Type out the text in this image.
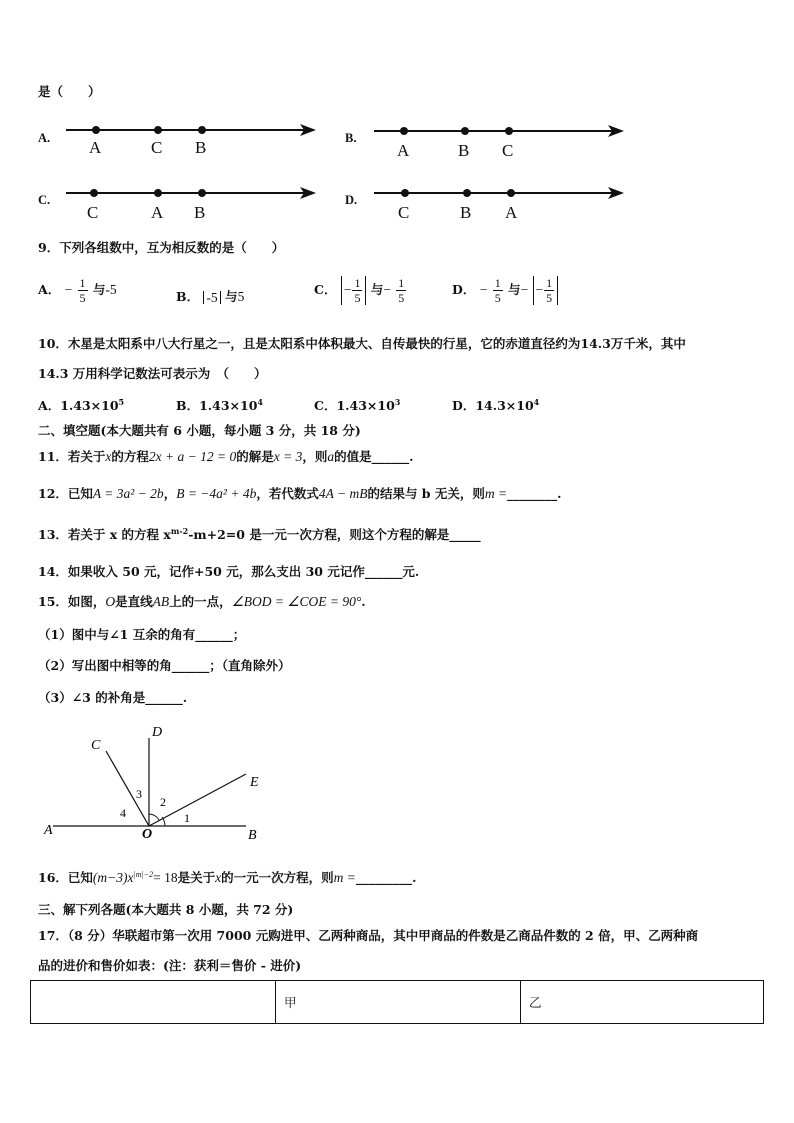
是（　　）
A. A	C B	B.
A	B C
C.
C	A B
D.
C	B A
9．下列各组数中，互为相反数的是（　　）
A． − $\frac{1}{5}$ 与-5	B． -5 与5	C． − $\frac{1}{5}$ 与− $\frac{1}{5}$	D． − $\frac{1}{5}$ 与− − $\frac{1}{5}$
10．木星是太阳系中八大行星之一，且是太阳系中体积最大、自传最快的行星，它的赤道直径约为14.3万千米，其中
14.3 万用科学记数法可表示为　（　　）
A．$1.43\times 10^5$	B．$1.43\times 10^4$	C．$1.43\times 10^3$	D．$14.3\times 10^4$
二、填空题(本大题共有 6 小题，每小题 3 分，共 18 分)
11．若关于x的方程2x + a − 12 = 0的解是x = 3，则a的值是______.
12．已知A = 3a² − 2b，B = −4a² + 4b，若代数式4A − mB的结果与 b 无关，则m =________.
13．若关于 x 的方程 $x^{m-2}-m+2=0$ 是一元一次方程，则这个方程的解是_____
14．如果收入 50 元，记作+50 元，那么支出 30 元记作______元.
15．如图，O是直线AB上的一点，∠BOD = ∠COE = 90°.
（1）图中与∠1 互余的角有______；
（2）写出图中相等的角______；（直角除外）
（3）∠3 的补角是______.
A	B
C
D
E
O
1
2
3
4
16．已知$(m-3)x^{|m|-2}= 18$是关于x的一元一次方程，则m =_________.
三、解下列各题(本大题共 8 小题，共 72 分)
17．（8 分）华联超市第一次用 7000 元购进甲、乙两种商品，其中甲商品的件数是乙商品件数的 2 倍，甲、乙两种商
品的进价和售价如表：(注：获利＝售价 - 进价)
	甲	乙
